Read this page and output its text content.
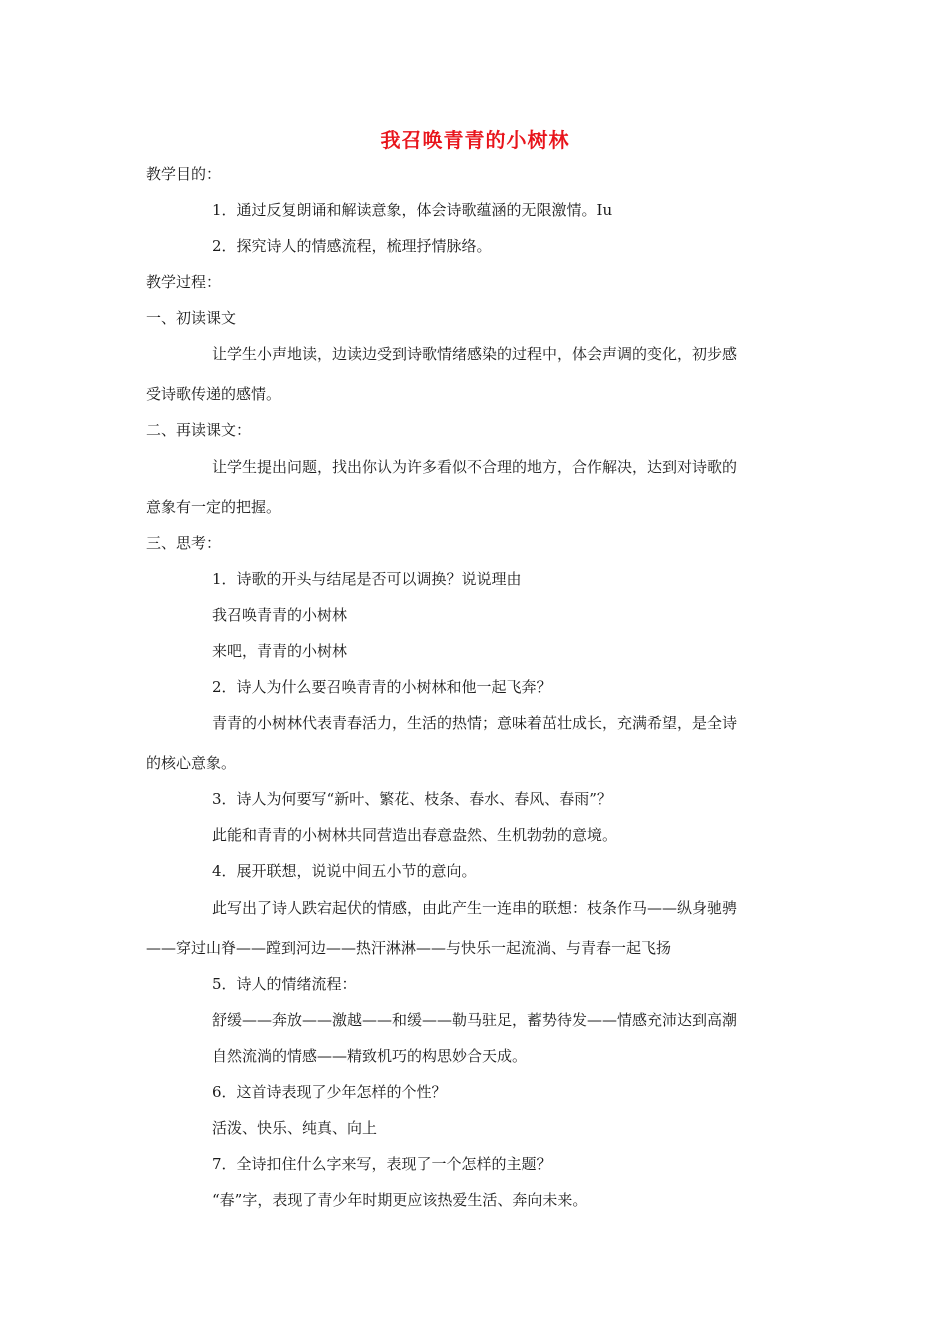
我召唤青青的小树林
教学目的：
1．通过反复朗诵和解读意象，体会诗歌蕴涵的无限激情。Iu
2．探究诗人的情感流程，梳理抒情脉络。
教学过程：
一、初读课文
让学生小声地读，边读边受到诗歌情绪感染的过程中，体会声调的变化，初步感
受诗歌传递的感情。
二、再读课文：
让学生提出问题，找出你认为许多看似不合理的地方，合作解决，达到对诗歌的
意象有一定的把握。
三、思考：
1．诗歌的开头与结尾是否可以调换？说说理由
我召唤青青的小树林
来吧，青青的小树林
2．诗人为什么要召唤青青的小树林和他一起飞奔？
青青的小树林代表青春活力，生活的热情；意味着茁壮成长，充满希望，是全诗
的核心意象。
3．诗人为何要写“新叶、繁花、枝条、春水、春风、春雨”？
此能和青青的小树林共同营造出春意盎然、生机勃勃的意境。
4．展开联想，说说中间五小节的意向。
此写出了诗人跌宕起伏的情感，由此产生一连串的联想：枝条作马——纵身驰骋
——穿过山脊——蹚到河边——热汗淋淋——与快乐一起流淌、与青春一起飞扬
5．诗人的情绪流程：
舒缓——奔放——激越——和缓——勒马驻足，蓄势待发——情感充沛达到高潮
自然流淌的情感——精致机巧的构思妙合天成。
6．这首诗表现了少年怎样的个性？
活泼、快乐、纯真、向上
7．全诗扣住什么字来写，表现了一个怎样的主题？
“春”字，表现了青少年时期更应该热爱生活、奔向未来。
